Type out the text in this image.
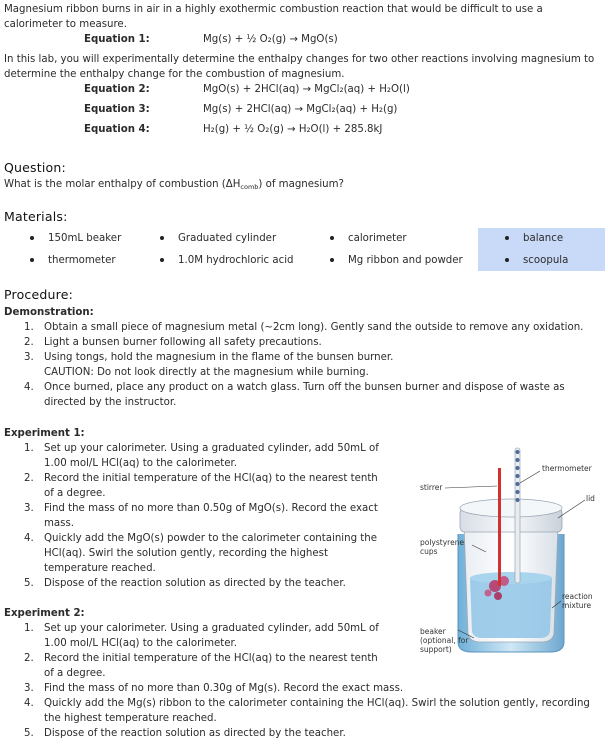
Magnesium ribbon burns in air in a highly exothermic combustion reaction that would be difficult to use a calorimeter to measure.
Equation 1:	Mg(s) + ½ O₂(g) → MgO(s)
In this lab, you will experimentally determine the enthalpy changes for two other reactions involving magnesium to determine the enthalpy change for the combustion of magnesium.
Equation 2:	MgO(s) + 2HCl(aq) → MgCl₂(aq) + H₂O(l)
Equation 3:	Mg(s) + 2HCl(aq) → MgCl₂(aq) + H₂(g)
Equation 4:	H₂(g) + ½ O₂(g) → H₂O(l) + 285.8kJ
Question:
What is the molar enthalpy of combustion (ΔHcomb) of magnesium?
Materials:
150mL beaker	Graduated cylinder	calorimeter	balance
thermometer	1.0M hydrochloric acid	Mg ribbon and powder	scoopula
Procedure:
Demonstration:
1. Obtain a small piece of magnesium metal (~2cm long). Gently sand the outside to remove any oxidation.
2. Light a bunsen burner following all safety precautions.
3. Using tongs, hold the magnesium in the flame of the bunsen burner.
CAUTION: Do not look directly at the magnesium while burning.
4. Once burned, place any product on a watch glass. Turn off the bunsen burner and dispose of waste as directed by the instructor.
Experiment 1:
1. Set up your calorimeter. Using a graduated cylinder, add 50mL of 1.00 mol/L HCl(aq) to the calorimeter.
2. Record the initial temperature of the HCl(aq) to the nearest tenth of a degree.
3. Find the mass of no more than 0.50g of MgO(s). Record the exact mass.
4. Quickly add the MgO(s) powder to the calorimeter containing the HCl(aq). Swirl the solution gently, recording the highest temperature reached.
5. Dispose of the reaction solution as directed by the teacher.
Experiment 2:
1. Set up your calorimeter. Using a graduated cylinder, add 50mL of 1.00 mol/L HCl(aq) to the calorimeter.
2. Record the initial temperature of the HCl(aq) to the nearest tenth of a degree.
3. Find the mass of no more than 0.30g of Mg(s). Record the exact mass.
4. Quickly add the Mg(s) ribbon to the calorimeter containing the HCl(aq). Swirl the solution gently, recording the highest temperature reached.
5. Dispose of the reaction solution as directed by the teacher.
thermometer
stirrer
lid
polystyrene cups
reaction mixture
beaker (optional, for support)
